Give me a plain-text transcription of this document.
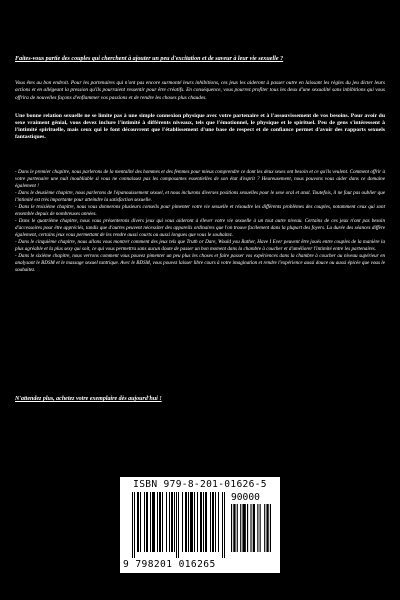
Faites-vous partie des couples qui cherchent à ajouter un peu d'excitation et de saveur à leur vie sexuelle ?

Vous êtes au bon endroit. Pour les partenaires qui n'ont pas encore surmonté leurs inhibitions, ces jeux les aideront à passer outre en laissant les règles du jeu dicter leurs actions et en allégeant la pression qu'ils pourraient ressentir pour être créatifs. En conséquence, vous pourrez profiter tous les deux d'une sexualité sans inhibitions qui vous offrira de nouvelles façons d'enflammer vos passions et de rendre les choses plus chaudes.

Une bonne relation sexuelle ne se limite pas à une simple connexion physique avec votre partenaire et à l'assouvissement de vos besoins. Pour avoir du sexe vraiment génial, vous devez inclure l'intimité à différents niveaux, tels que l'émotionnel, le physique et le spirituel. Peu de gens s'intéressent à l'intimité spirituelle, mais ceux qui le font découvrent que l'établissement d'une base de respect et de confiance permet d'avoir des rapports sexuels fantastiques.

- Dans le premier chapitre, nous parlerons de la mentalité des hommes et des femmes pour mieux comprendre ce dont les deux sexes ont besoin et ce qu'ils veulent. Comment offrir à votre partenaire une nuit inoubliable si vous ne connaissez pas les composantes essentielles de son état d'esprit ? Heureusement, nous pouvons vous aider dans ce domaine également !

- Dans le deuxième chapitre, nous parlerons de l'épanouissement sexuel, et nous inclurons diverses positions sexuelles pour le sexe oral et anal. Toutefois, il ne faut pas oublier que l'intimité est très importante pour atteindre la satisfaction sexuelle.

- Dans le troisième chapitre, nous vous donnerons plusieurs conseils pour pimenter votre vie sexuelle et résoudre les différents problèmes des couples, notamment ceux qui sont ensemble depuis de nombreuses années.

- Dans le quatrième chapitre, nous vous présenterons divers jeux qui vous aideront à élever votre vie sexuelle à un tout autre niveau. Certains de ces jeux n'ont pas besoin d'accessoires pour être appréciés, tandis que d'autres peuvent nécessiter des appareils ordinaires que l'on trouve facilement dans la plupart des foyers. La durée des séances diffère également, certains jeux vous permettant de les rendre aussi courts ou aussi longues que vous le souhaitez.

- Dans le cinquième chapitre, nous allons vous montrer comment des jeux tels que Truth or Dare, Would you Rather, Have I Ever peuvent être joués entre couples de la manière la plus agréable et la plus sexy qui soit, ce qui vous permettra sans aucun doute de passer un bon moment dans la chambre à coucher et d'améliorer l'intimité entre les partenaires.

- Dans le sixième chapitre, nous verrons comment vous pouvez pimenter un peu plus les choses et faire passer vos expériences dans la chambre à coucher au niveau supérieur en analysant le BDSM et le massage sexuel tantrique. Avec le BDSM, vous pouvez laisser libre cours à votre imagination et rendre l'expérience aussi douce ou aussi épicée que vous le souhaitez.

N'attendez plus, achetez votre exemplaire dès aujourd'hui !

ISBN 979-8-201-01626-5
90000
9 798201 016265
